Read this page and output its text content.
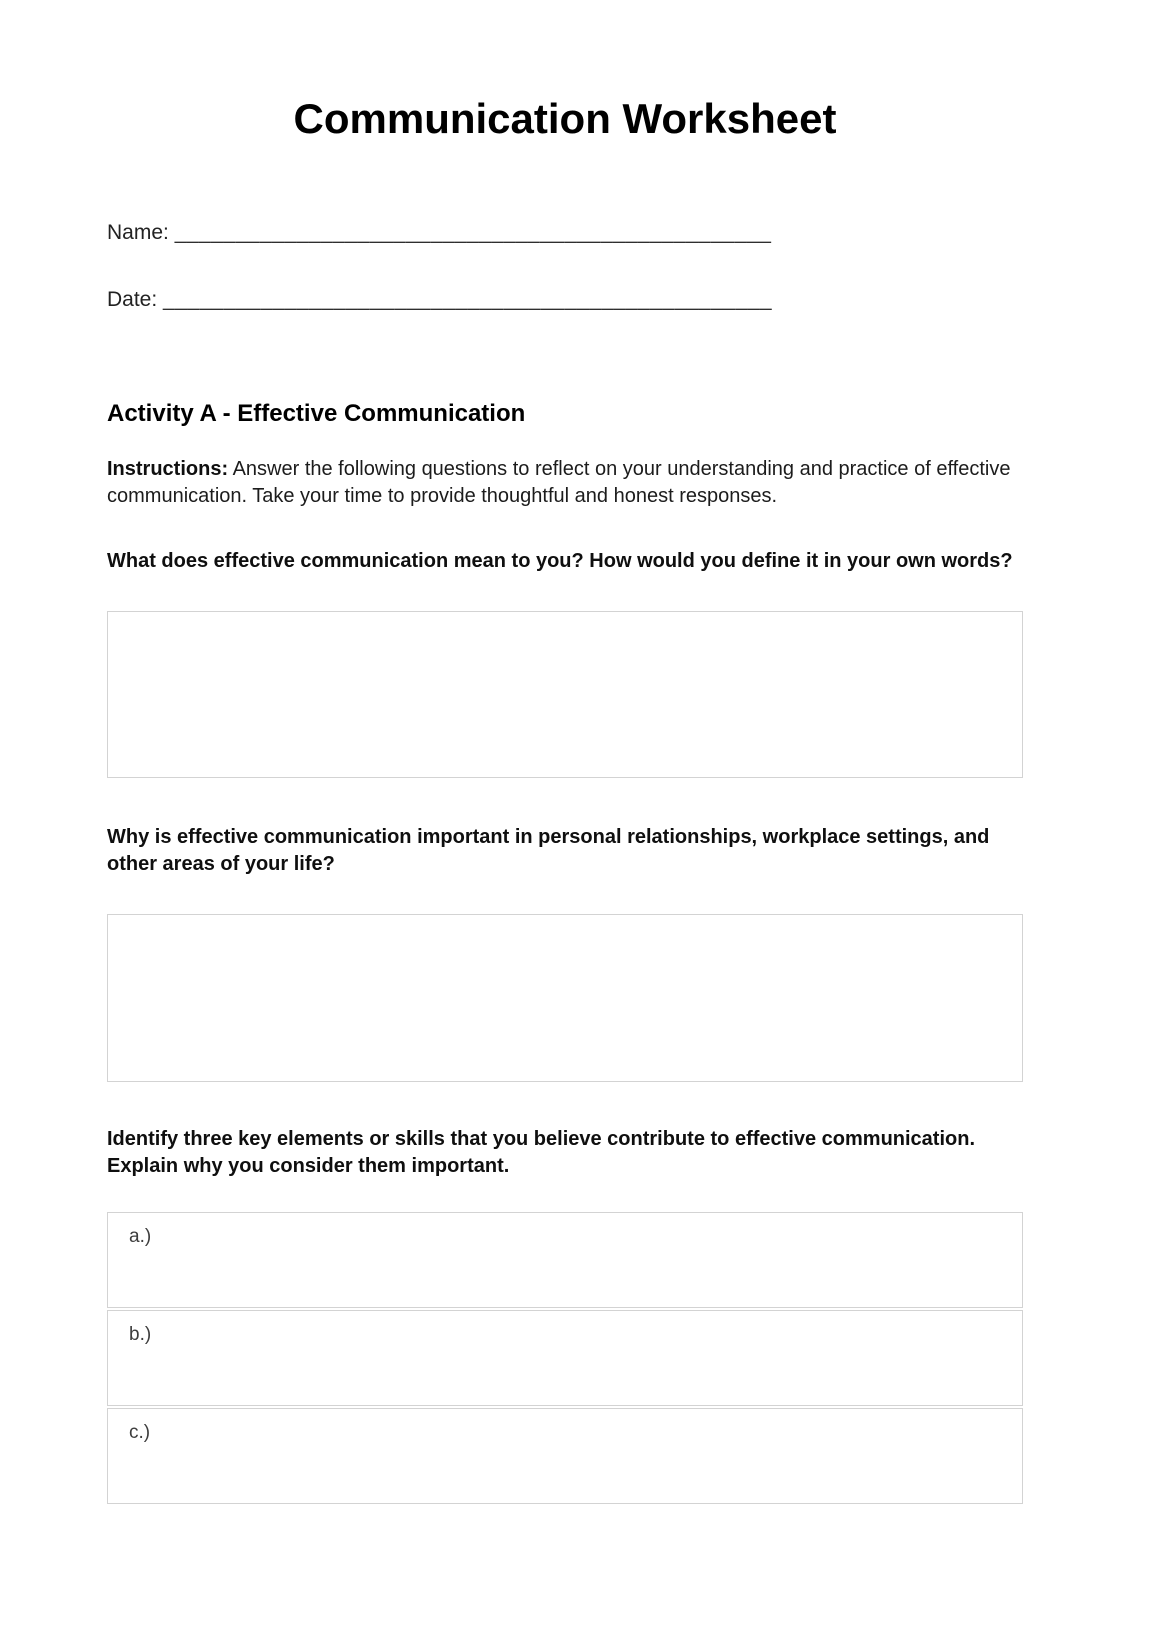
Communication Worksheet
Name: _________________________________________________
Date: __________________________________________________
Activity A - Effective Communication

Instructions: Answer the following questions to reflect on your understanding and practice of effective communication. Take your time to provide thoughtful and honest responses.

What does effective communication mean to you? How would you define it in your own words?

Why is effective communication important in personal relationships, workplace settings, and other areas of your life?

Identify three key elements or skills that you believe contribute to effective communication. Explain why you consider them important.

a.)
b.)
c.)
